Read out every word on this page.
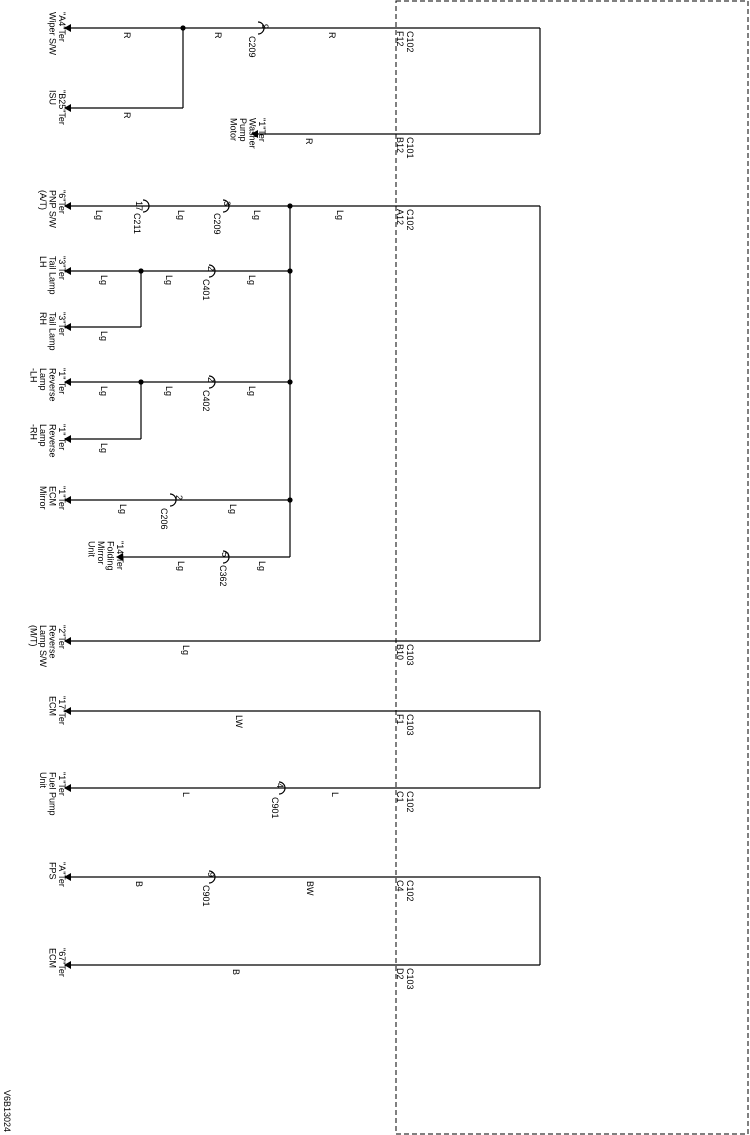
"A4"TerWiper S/W
"B25"TerISU
"1"TerWasherPumpMotor
"6"TerPNP S/W(A/T)
"3"TerTail LampLH
"3"TerTail LampRH
"1" TerReverseLamp-LH
"1" TerReverseLamp-RH
"1"TerECMMirror
"14"TerFoldingMirrorUnit
"2"TerReverseLamp S/W(M/T)
"17"TerECM
"1"TerFuel PumpUnit
"A"TerFPS
"67"TerECM
R	R	R
R
R
Lg	Lg	Lg	Lg
Lg	Lg	Lg
Lg
Lg	Lg	Lg
Lg
Lg	Lg
Lg	Lg
Lg
LW
L	L
B	BW
B
9
C209
17
C211
3
C209
2
C401
2
C402
2
C206
5
C362
4
C901
9
C901
C102
F12
C101
B12
C102
A12
C103
B10
C103
F1
C102
C1
C102
C4
C103
D2
V6B13024
